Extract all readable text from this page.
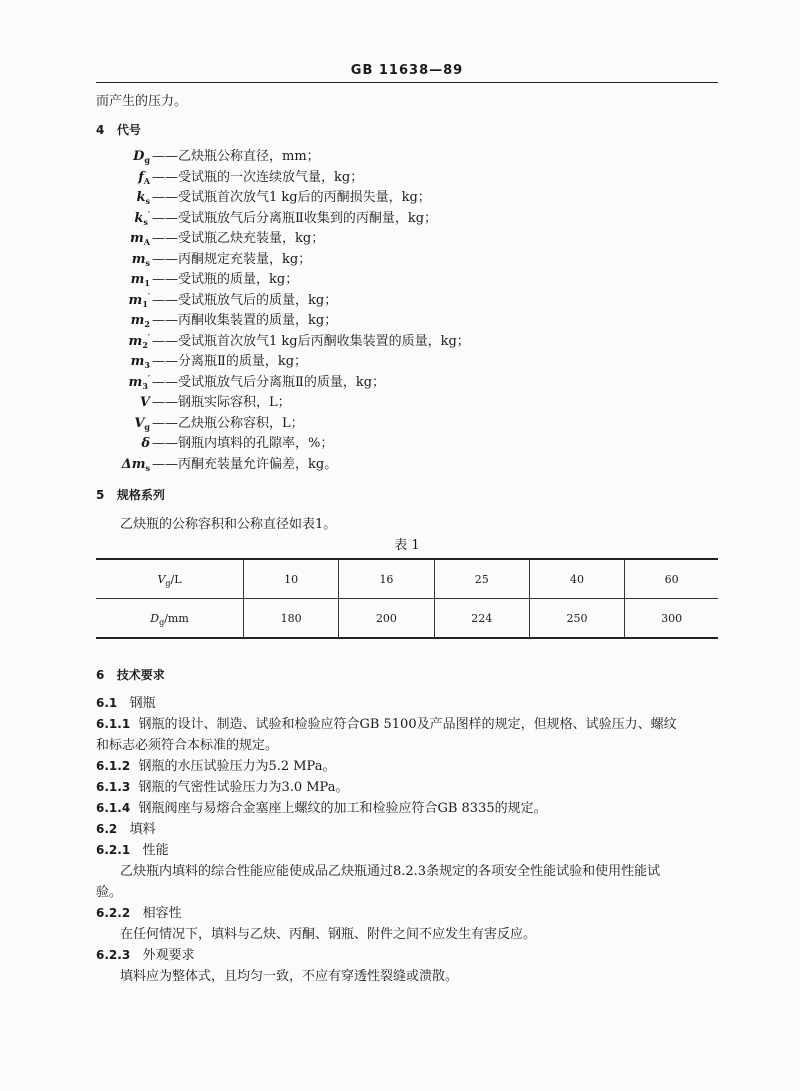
GB 11638—89
而产生的压力。
4 代号
$D_g$ ——乙炔瓶公称直径，mm；
$f_A$ ——受试瓶的一次连续放气量，kg；
$k_s$ ——受试瓶首次放气1 kg后的丙酮损失量，kg；
$k_s'$ ——受试瓶放气后分离瓶Ⅱ收集到的丙酮量，kg；
$m_A$ ——受试瓶乙炔充装量，kg；
$m_s$ ——丙酮规定充装量，kg；
$m_1$ ——受试瓶的质量，kg；
$m_1'$ ——受试瓶放气后的质量，kg；
$m_2$ ——丙酮收集装置的质量，kg；
$m_2'$ ——受试瓶首次放气1 kg后丙酮收集装置的质量，kg；
$m_3$ ——分离瓶Ⅱ的质量，kg；
$m_3'$ ——受试瓶放气后分离瓶Ⅱ的质量，kg；
V ——钢瓶实际容积，L；
$V_g$ ——乙炔瓶公称容积，L；
δ ——钢瓶内填料的孔隙率，%；
$\Delta m_s$ ——丙酮充装量允许偏差，kg。
5 规格系列
乙炔瓶的公称容积和公称直径如表1。
表 1
$V_g/L$	10	16	25	40	60
$D_g/mm$	180	200	224	250	300
6 技术要求
6.1 钢瓶
6.1.1 钢瓶的设计、制造、试验和检验应符合GB 5100及产品图样的规定，但规格、试验压力、螺纹
和标志必须符合本标准的规定。
6.1.2 钢瓶的水压试验压力为5.2 MPa。
6.1.3 钢瓶的气密性试验压力为3.0 MPa。
6.1.4 钢瓶阀座与易熔合金塞座上螺纹的加工和检验应符合GB 8335的规定。
6.2 填料
6.2.1 性能
乙炔瓶内填料的综合性能应能使成品乙炔瓶通过8.2.3条规定的各项安全性能试验和使用性能试
验。
6.2.2 相容性
在任何情况下，填料与乙炔、丙酮、钢瓶、附件之间不应发生有害反应。
6.2.3 外观要求
填料应为整体式，且均匀一致，不应有穿透性裂缝或溃散。
